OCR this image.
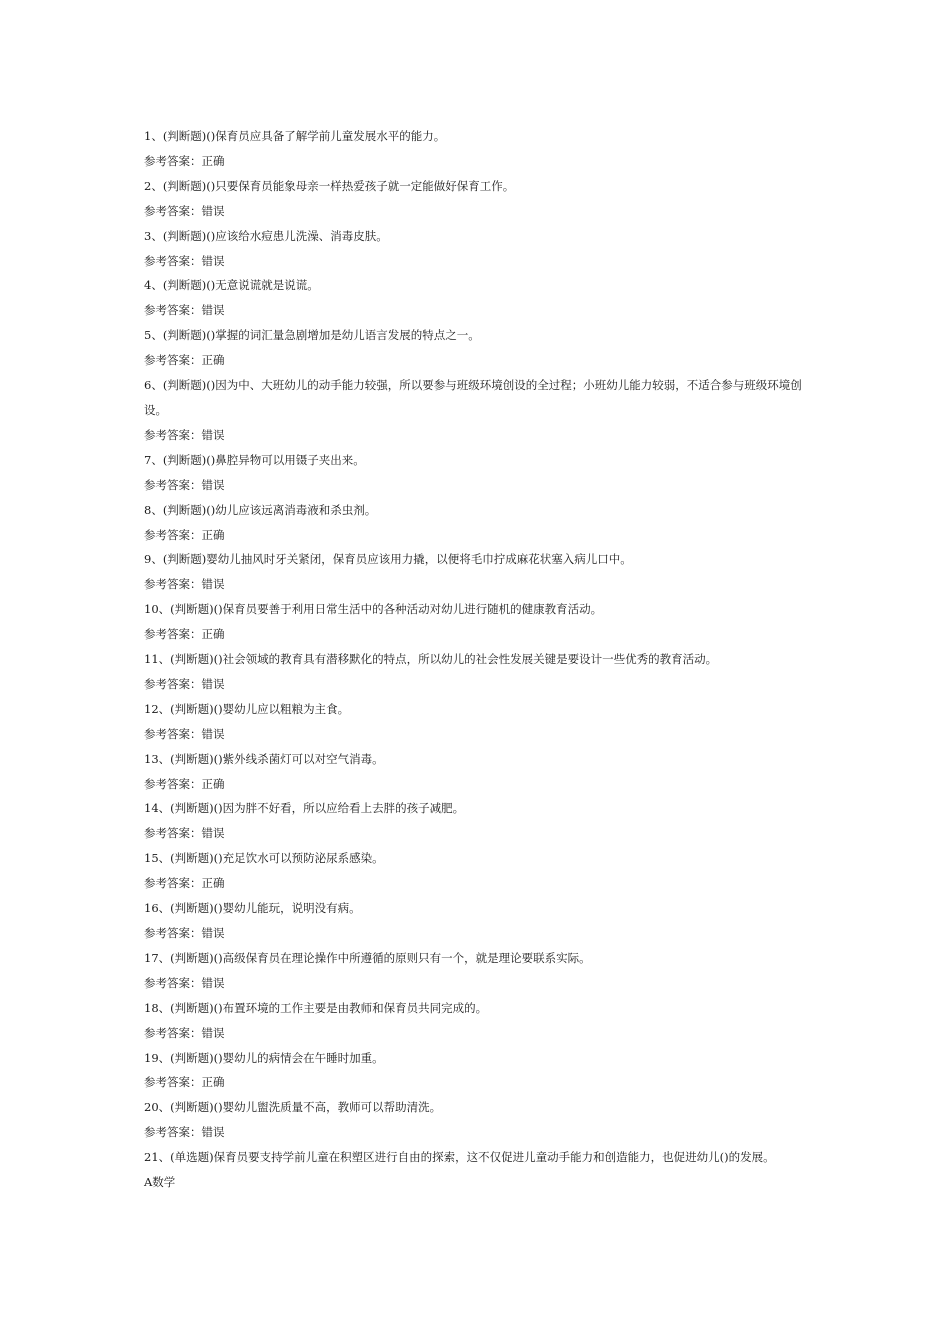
1、(判断题)()保育员应具备了解学前儿童发展水平的能力。

参考答案：正确

2、(判断题)()只要保育员能象母亲一样热爱孩子就一定能做好保育工作。

参考答案：错误

3、(判断题)()应该给水痘患儿洗澡、消毒皮肤。

参考答案：错误

4、(判断题)()无意说谎就是说谎。

参考答案：错误

5、(判断题)()掌握的词汇量急剧增加是幼儿语言发展的特点之一。

参考答案：正确

6、(判断题)()因为中、大班幼儿的动手能力较强，所以要参与班级环境创设的全过程；小班幼儿能力较弱，不适合参与班级环境创设。

参考答案：错误

7、(判断题)()鼻腔异物可以用镊子夹出来。

参考答案：错误

8、(判断题)()幼儿应该远离消毒液和杀虫剂。

参考答案：正确

9、(判断题)婴幼儿抽风时牙关紧闭，保育员应该用力撬，以便将毛巾拧成麻花状塞入病儿口中。

参考答案：错误

10、(判断题)()保育员要善于利用日常生活中的各种活动对幼儿进行随机的健康教育活动。

参考答案：正确

11、(判断题)()社会领域的教育具有潜移默化的特点，所以幼儿的社会性发展关键是要设计一些优秀的教育活动。

参考答案：错误

12、(判断题)()婴幼儿应以粗粮为主食。

参考答案：错误

13、(判断题)()紫外线杀菌灯可以对空气消毒。

参考答案：正确

14、(判断题)()因为胖不好看，所以应给看上去胖的孩子减肥。

参考答案：错误

15、(判断题)()充足饮水可以预防泌尿系感染。

参考答案：正确

16、(判断题)()婴幼儿能玩，说明没有病。

参考答案：错误

17、(判断题)()高级保育员在理论操作中所遵循的原则只有一个，就是理论要联系实际。

参考答案：错误

18、(判断题)()布置环境的工作主要是由教师和保育员共同完成的。

参考答案：错误

19、(判断题)()婴幼儿的病情会在午睡时加重。

参考答案：正确

20、(判断题)()婴幼儿盥洗质量不高，教师可以帮助清洗。

参考答案：错误

21、(单选题)保育员要支持学前儿童在积塑区进行自由的探索，这不仅促进儿童动手能力和创造能力，也促进幼儿()的发展。

A数学
